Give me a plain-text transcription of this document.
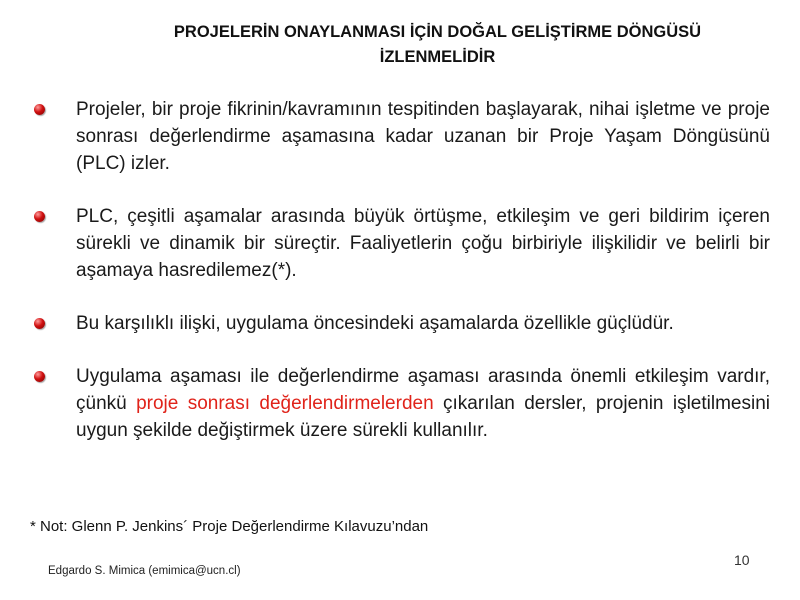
PROJELERİN ONAYLANMASI İÇİN DOĞAL GELİŞTİRME DÖNGÜSÜ
İZLENMELİDİR
Projeler, bir proje fikrinin/kavramının tespitinden başlayarak, nihai işletme ve proje sonrası değerlendirme aşamasına kadar uzanan bir Proje Yaşam Döngüsünü (PLC) izler.
PLC, çeşitli aşamalar arasında büyük örtüşme, etkileşim ve geri bildirim içeren sürekli ve dinamik bir süreçtir. Faaliyetlerin çoğu birbiriyle ilişkilidir ve belirli bir aşamaya hasredilemez(*).
Bu karşılıklı ilişki, uygulama öncesindeki aşamalarda özellikle güçlüdür.
Uygulama aşaması ile değerlendirme aşaması arasında önemli etkileşim vardır, çünkü proje sonrası değerlendirmelerden çıkarılan dersler, projenin işletilmesini uygun şekilde değiştirmek üzere sürekli kullanılır.
* Not: Glenn P. Jenkins´ Proje Değerlendirme Kılavuzu’ndan
10
Edgardo S. Mimica (emimica@ucn.cl)
